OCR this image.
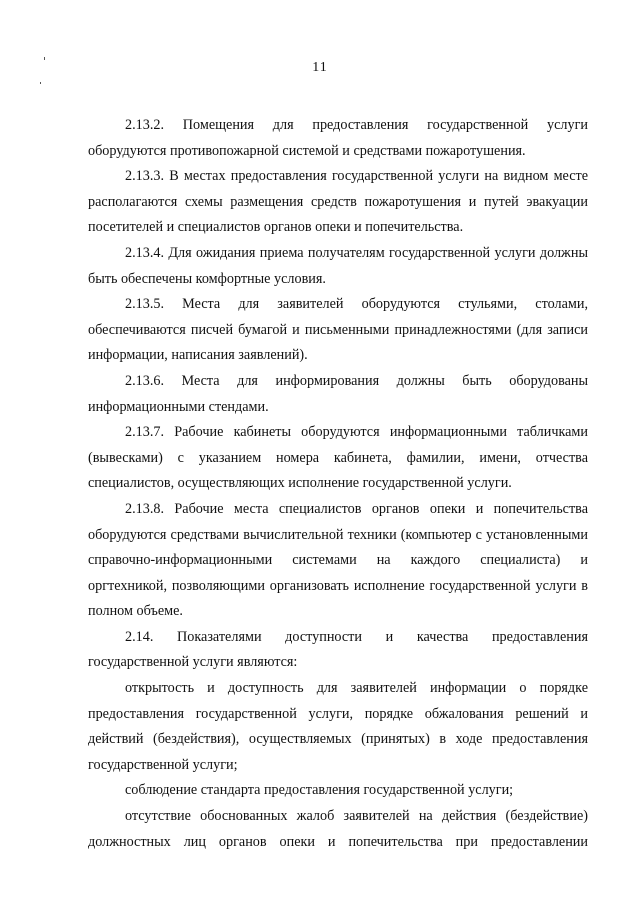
11

2.13.2. Помещения для предоставления государственной услуги оборудуются противопожарной системой и средствами пожаротушения.

2.13.3. В местах предоставления государственной услуги на видном месте располагаются схемы размещения средств пожаротушения и путей эвакуации посетителей и специалистов органов опеки и попечительства.

2.13.4. Для ожидания приема получателям государственной услуги должны быть обеспечены комфортные условия.

2.13.5. Места для заявителей оборудуются стульями, столами, обеспечиваются писчей бумагой и письменными принадлежностями (для записи информации, написания заявлений).

2.13.6. Места для информирования должны быть оборудованы информационными стендами.

2.13.7. Рабочие кабинеты оборудуются информационными табличками (вывесками) с указанием номера кабинета, фамилии, имени, отчества специалистов, осуществляющих исполнение государственной услуги.

2.13.8. Рабочие места специалистов органов опеки и попечительства оборудуются средствами вычислительной техники (компьютер с установленными справочно-информационными системами на каждого специалиста) и оргтехникой, позволяющими организовать исполнение государственной услуги в полном объеме.

2.14. Показателями доступности и качества предоставления государственной услуги являются:

открытость и доступность для заявителей информации о порядке предоставления государственной услуги, порядке обжалования решений и действий (бездействия), осуществляемых (принятых) в ходе предоставления государственной услуги;

соблюдение стандарта предоставления государственной услуги;

отсутствие обоснованных жалоб заявителей на действия (бездействие) должностных лиц органов опеки и попечительства при предоставлении
